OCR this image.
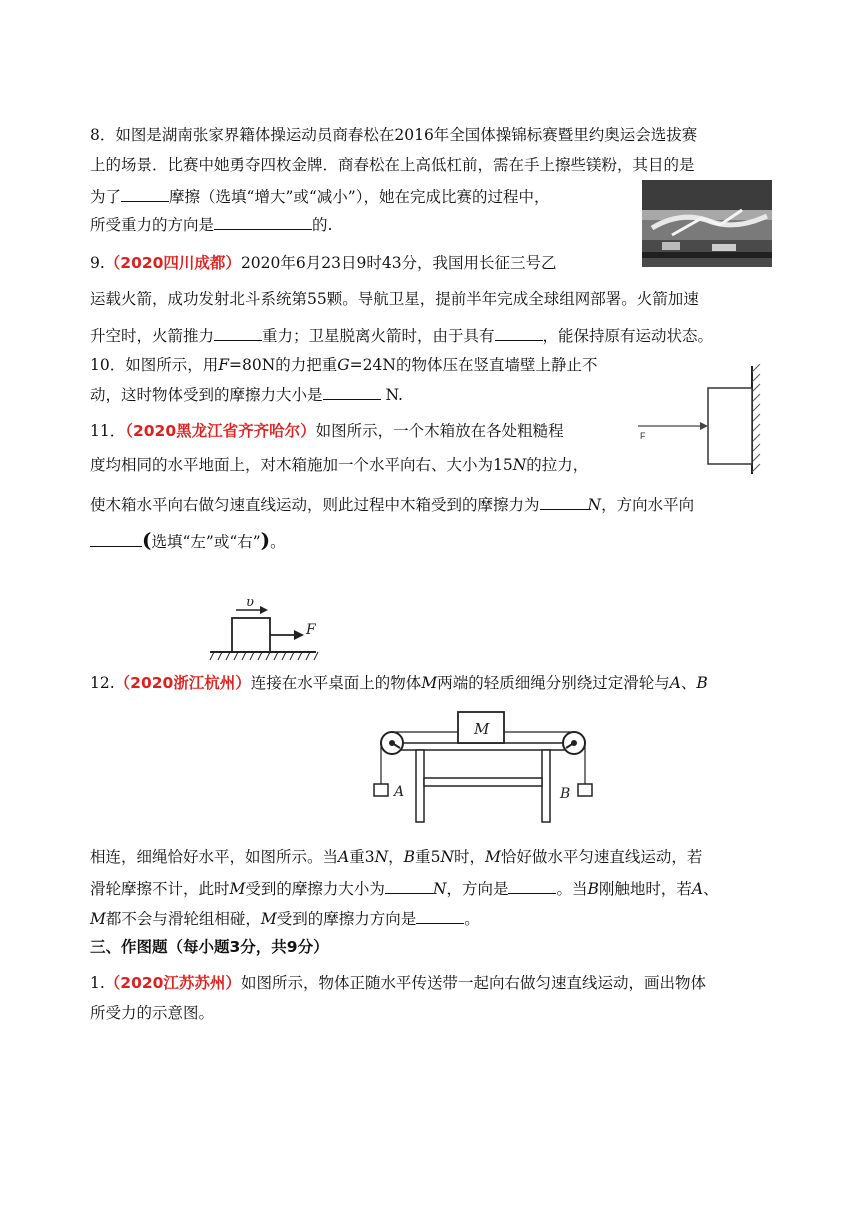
8．如图是湖南张家界籍体操运动员商春松在2016年全国体操锦标赛暨里约奥运会选拔赛
上的场景．比赛中她勇夺四枚金牌．商春松在上高低杠前，需在手上擦些镁粉，其目的是
为了	摩擦（选填“增大”或“减小”），她在完成比赛的过程中，
所受重力的方向是	的.
9.（2020四川成都）2020年6月23日9时43分，我国用长征三号乙
运载火箭，成功发射北斗系统第55颗。导航卫星，提前半年完成全球组网部署。火箭加速
升空时，火箭推力	重力；卫星脱离火箭时，由于具有	，能保持原有运动状态。
10．如图所示，用F=80N的力把重G=24N的物体压在竖直墙壁上静止不
动，这时物体受到的摩擦力大小是	N.
F
11．（2020黑龙江省齐齐哈尔）如图所示，一个木箱放在各处粗糙程
度均相同的水平地面上，对木箱施加一个水平向右、大小为15N的拉力，
使木箱水平向右做匀速直线运动，则此过程中木箱受到的摩擦力为	N，方向水平向
(选填“左”或“右”)。
υ
F
12.（2020浙江杭州）连接在水平桌面上的物体M两端的轻质细绳分别绕过定滑轮与A、B
M
A	B
相连，细绳恰好水平，如图所示。当A重3N，B重5N时，M恰好做水平匀速直线运动，若
滑轮摩擦不计，此时M受到的摩擦力大小为	N，方向是	。当B刚触地时，若A、
M都不会与滑轮组相碰，M受到的摩擦力方向是	。
三、作图题（每小题3分，共9分）
1.（2020江苏苏州）如图所示，物体正随水平传送带一起向右做匀速直线运动，画出物体
所受力的示意图。
